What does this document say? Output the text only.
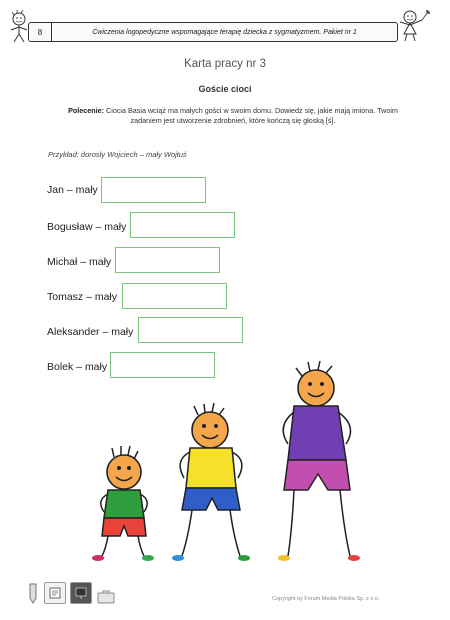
8	Ćwiczenia logopedyczne wspomagające terapię dziecka z sygmatyzmem. Pakiet nr 1
Karta pracy nr 3
Goście cioci
Polecenie: Ciocia Basia wciąż ma małych gości w swoim domu. Dowiedz się, jakie mają imiona. Twoim zadaniem jest utworzenie zdrobnień, które kończą się głoską [ś].
Przykład: dorosły Wojciech – mały Wojtuś
Jan – mały
Bogusław – mały
Michał – mały
Tomasz – mały
Aleksander – mały
Bolek – mały
Copyright by Forum Media Polska Sp. z o.o.
